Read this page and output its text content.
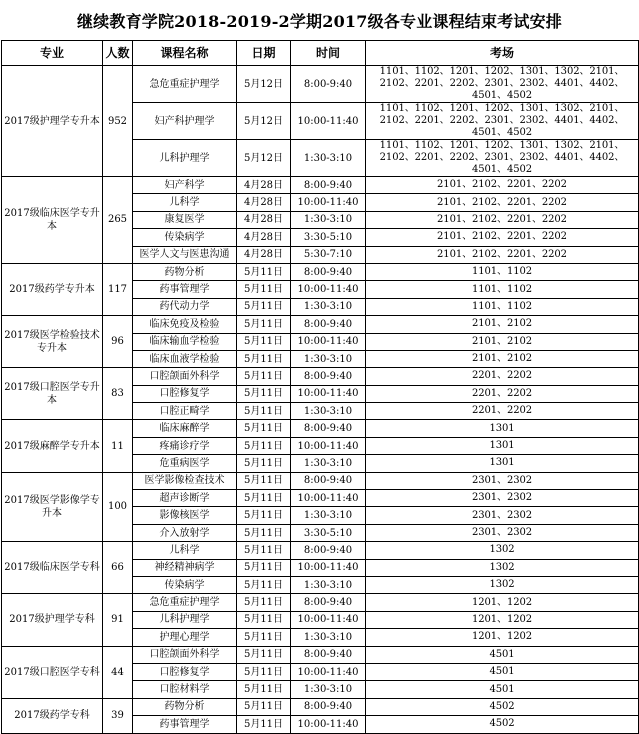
继续教育学院2018-2019-2学期2017级各专业课程结束考试安排
专业	人数	课程名称	日期	时间	考场
2017级护理学专升本	952	急危重症护理学	5月12日	8:00-9:40	1101、1102、1201、1202、1301、1302、2101、2102、2201、2202、2301、2302、4401、4402、4501、4502
		妇产科护理学	5月12日	10:00-11:40	1101、1102、1201、1202、1301、1302、2101、2102、2201、2202、2301、2302、4401、4402、4501、4502
		儿科护理学	5月12日	1:30-3:10	1101、1102、1201、1202、1301、1302、2101、2102、2201、2202、2301、2302、4401、4402、4501、4502
2017级临床医学专升本	265	妇产科学	4月28日	8:00-9:40	2101、2102、2201、2202
		儿科学	4月28日	10:00-11:40	2101、2102、2201、2202
		康复医学	4月28日	1:30-3:10	2101、2102、2201、2202
		传染病学	4月28日	3:30-5:10	2101、2102、2201、2202
		医学人文与医患沟通	4月28日	5:30-7:10	2101、2102、2201、2202
2017级药学专升本	117	药物分析	5月11日	8:00-9:40	1101、1102
		药事管理学	5月11日	10:00-11:40	1101、1102
		药代动力学	5月11日	1:30-3:10	1101、1102
2017级医学检验技术专升本	96	临床免疫及检验	5月11日	8:00-9:40	2101、2102
		临床输血学检验	5月11日	10:00-11:40	2101、2102
		临床血液学检验	5月11日	1:30-3:10	2101、2102
2017级口腔医学专升本	83	口腔颌面外科学	5月11日	8:00-9:40	2201、2202
		口腔修复学	5月11日	10:00-11:40	2201、2202
		口腔正畸学	5月11日	1:30-3:10	2201、2202
2017级麻醉学专升本	11	临床麻醉学	5月11日	8:00-9:40	1301
		疼痛诊疗学	5月11日	10:00-11:40	1301
		危重病医学	5月11日	1:30-3:10	1301
2017级医学影像学专升本	100	医学影像检查技术	5月11日	8:00-9:40	2301、2302
		超声诊断学	5月11日	10:00-11:40	2301、2302
		影像核医学	5月11日	1:30-3:10	2301、2302
		介入放射学	5月11日	3:30-5:10	2301、2302
2017级临床医学专科	66	儿科学	5月11日	8:00-9:40	1302
		神经精神病学	5月11日	10:00-11:40	1302
		传染病学	5月11日	1:30-3:10	1302
2017级护理学专科	91	急危重症护理学	5月11日	8:00-9:40	1201、1202
		儿科护理学	5月11日	10:00-11:40	1201、1202
		护理心理学	5月11日	1:30-3:10	1201、1202
2017级口腔医学专科	44	口腔颌面外科学	5月11日	8:00-9:40	4501
		口腔修复学	5月11日	10:00-11:40	4501
		口腔材料学	5月11日	1:30-3:10	4501
2017级药学专科	39	药物分析	5月11日	8:00-9:40	4502
		药事管理学	5月11日	10:00-11:40	4502
